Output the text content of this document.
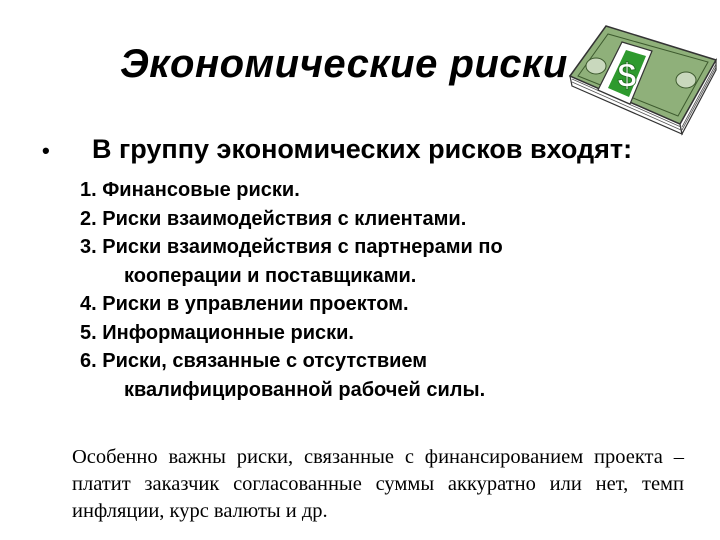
Экономические риски $
• В группу экономических рисков входят:
1. Финансовые риски.
2. Риски взаимодействия с клиентами.
3. Риски взаимодействия с партнерами по
кооперации и поставщиками.
4. Риски в управлении проектом.
5. Информационные риски.
6. Риски, связанные с отсутствием
квалифицированной рабочей силы.
Особенно важны риски, связанные с финансированием проекта – платит заказчик согласованные суммы аккуратно или нет, темп инфляции, курс валюты и др.
